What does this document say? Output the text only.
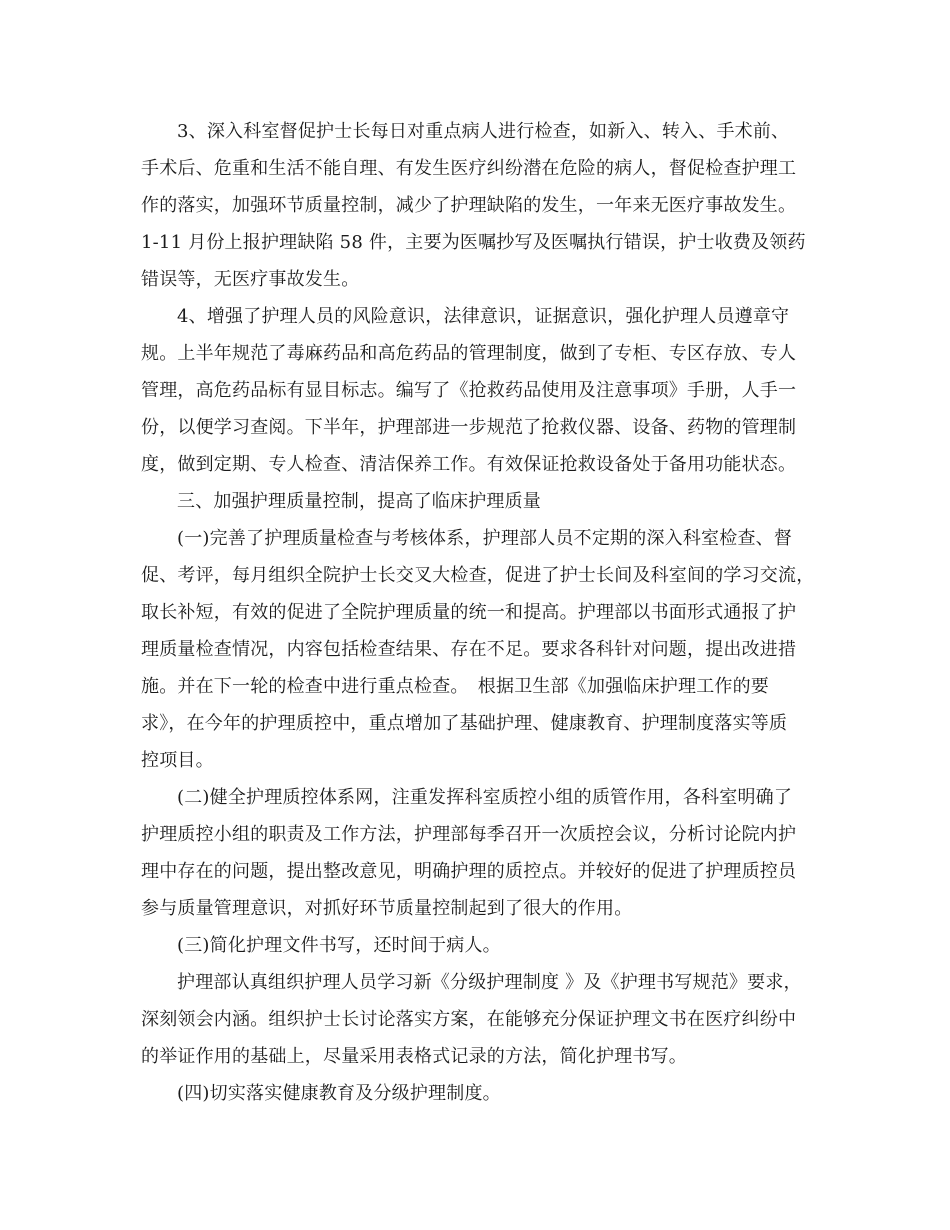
3、深入科室督促护士长每日对重点病人进行检查，如新入、转入、手术前、
手术后、危重和生活不能自理、有发生医疗纠纷潜在危险的病人，督促检查护理工
作的落实，加强环节质量控制，减少了护理缺陷的发生，一年来无医疗事故发生。
1-11 月份上报护理缺陷 58 件，主要为医嘱抄写及医嘱执行错误，护士收费及领药
错误等，无医疗事故发生。
4、增强了护理人员的风险意识，法律意识，证据意识，强化护理人员遵章守
规。上半年规范了毒麻药品和高危药品的管理制度，做到了专柜、专区存放、专人
管理，高危药品标有显目标志。编写了《抢救药品使用及注意事项》手册，人手一
份，以便学习查阅。下半年，护理部进一步规范了抢救仪器、设备、药物的管理制
度，做到定期、专人检查、清洁保养工作。有效保证抢救设备处于备用功能状态。
三、加强护理质量控制，提高了临床护理质量
(一)完善了护理质量检查与考核体系，护理部人员不定期的深入科室检查、督
促、考评，每月组织全院护士长交叉大检查，促进了护士长间及科室间的学习交流，
取长补短，有效的促进了全院护理质量的统一和提高。护理部以书面形式通报了护
理质量检查情况，内容包括检查结果、存在不足。要求各科针对问题，提出改进措
施。并在下一轮的检查中进行重点检查。　根据卫生部《加强临床护理工作的要
求》，在今年的护理质控中，重点增加了基础护理、健康教育、护理制度落实等质
控项目。
(二)健全护理质控体系网，注重发挥科室质控小组的质管作用，各科室明确了
护理质控小组的职责及工作方法，护理部每季召开一次质控会议，分析讨论院内护
理中存在的问题，提出整改意见，明确护理的质控点。并较好的促进了护理质控员
参与质量管理意识，对抓好环节质量控制起到了很大的作用。
(三)简化护理文件书写，还时间于病人。
护理部认真组织护理人员学习新《分级护理制度 》及《护理书写规范》要求，
深刻领会内涵。组织护士长讨论落实方案，在能够充分保证护理文书在医疗纠纷中
的举证作用的基础上，尽量采用表格式记录的方法，简化护理书写。
(四)切实落实健康教育及分级护理制度。
